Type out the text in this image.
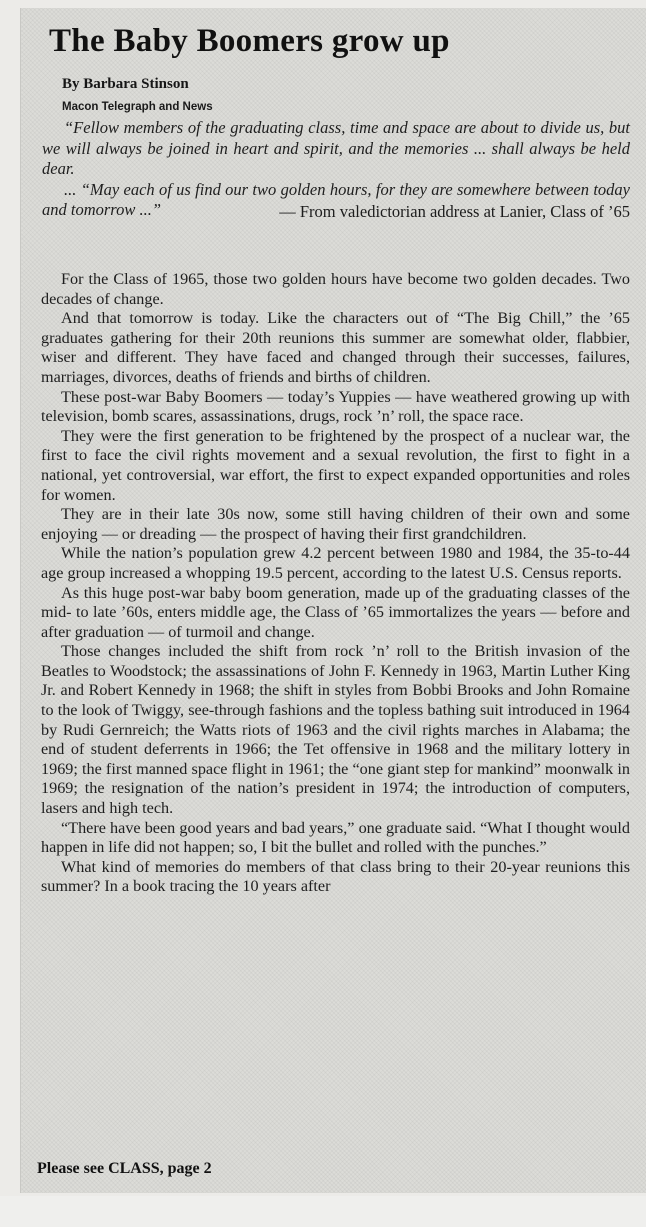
The Baby Boomers grow up
By Barbara Stinson
Macon Telegraph and News

“Fellow members of the graduating class, time and space are about to divide us, but we will always be joined in heart and spirit, and the memories ... shall always be held dear.

... “May each of us find our two golden hours, for they are somewhere between today and tomorrow ...”	— From valedictorian address at Lanier, Class of ’65

For the Class of 1965, those two golden hours have become two golden decades. Two decades of change.

And that tomorrow is today. Like the characters out of “The Big Chill,” the ’65 graduates gathering for their 20th reunions this summer are somewhat older, flabbier, wiser and different. They have faced and changed through their successes, failures, marriages, divorces, deaths of friends and births of children.

These post-war Baby Boomers — today’s Yuppies — have weathered growing up with television, bomb scares, assassinations, drugs, rock ’n’ roll, the space race.

They were the first generation to be frightened by the prospect of a nuclear war, the first to face the civil rights movement and a sexual revolution, the first to fight in a national, yet controversial, war effort, the first to expect expanded opportunities and roles for women.

They are in their late 30s now, some still having children of their own and some enjoying — or dreading — the prospect of having their first grandchildren.

While the nation’s population grew 4.2 percent between 1980 and 1984, the 35-to-44 age group increased a whopping 19.5 percent, according to the latest U.S. Census reports.

As this huge post-war baby boom generation, made up of the graduating classes of the mid- to late ’60s, enters middle age, the Class of ’65 immortalizes the years — before and after graduation — of turmoil and change.

Those changes included the shift from rock ’n’ roll to the British invasion of the Beatles to Woodstock; the assassinations of John F. Kennedy in 1963, Martin Luther King Jr. and Robert Kennedy in 1968; the shift in styles from Bobbi Brooks and John Romaine to the look of Twiggy, see-through fashions and the topless bathing suit introduced in 1964 by Rudi Gernreich; the Watts riots of 1963 and the civil rights marches in Alabama; the end of student deferrents in 1966; the Tet offensive in 1968 and the military lottery in 1969; the first manned space flight in 1961; the “one giant step for mankind” moonwalk in 1969; the resignation of the nation’s president in 1974; the introduction of computers, lasers and high tech.

“There have been good years and bad years,” one graduate said. “What I thought would happen in life did not happen; so, I bit the bullet and rolled with the punches.”

What kind of memories do members of that class bring to their 20-year reunions this summer? In a book tracing the 10 years after

Please see CLASS, page 2
